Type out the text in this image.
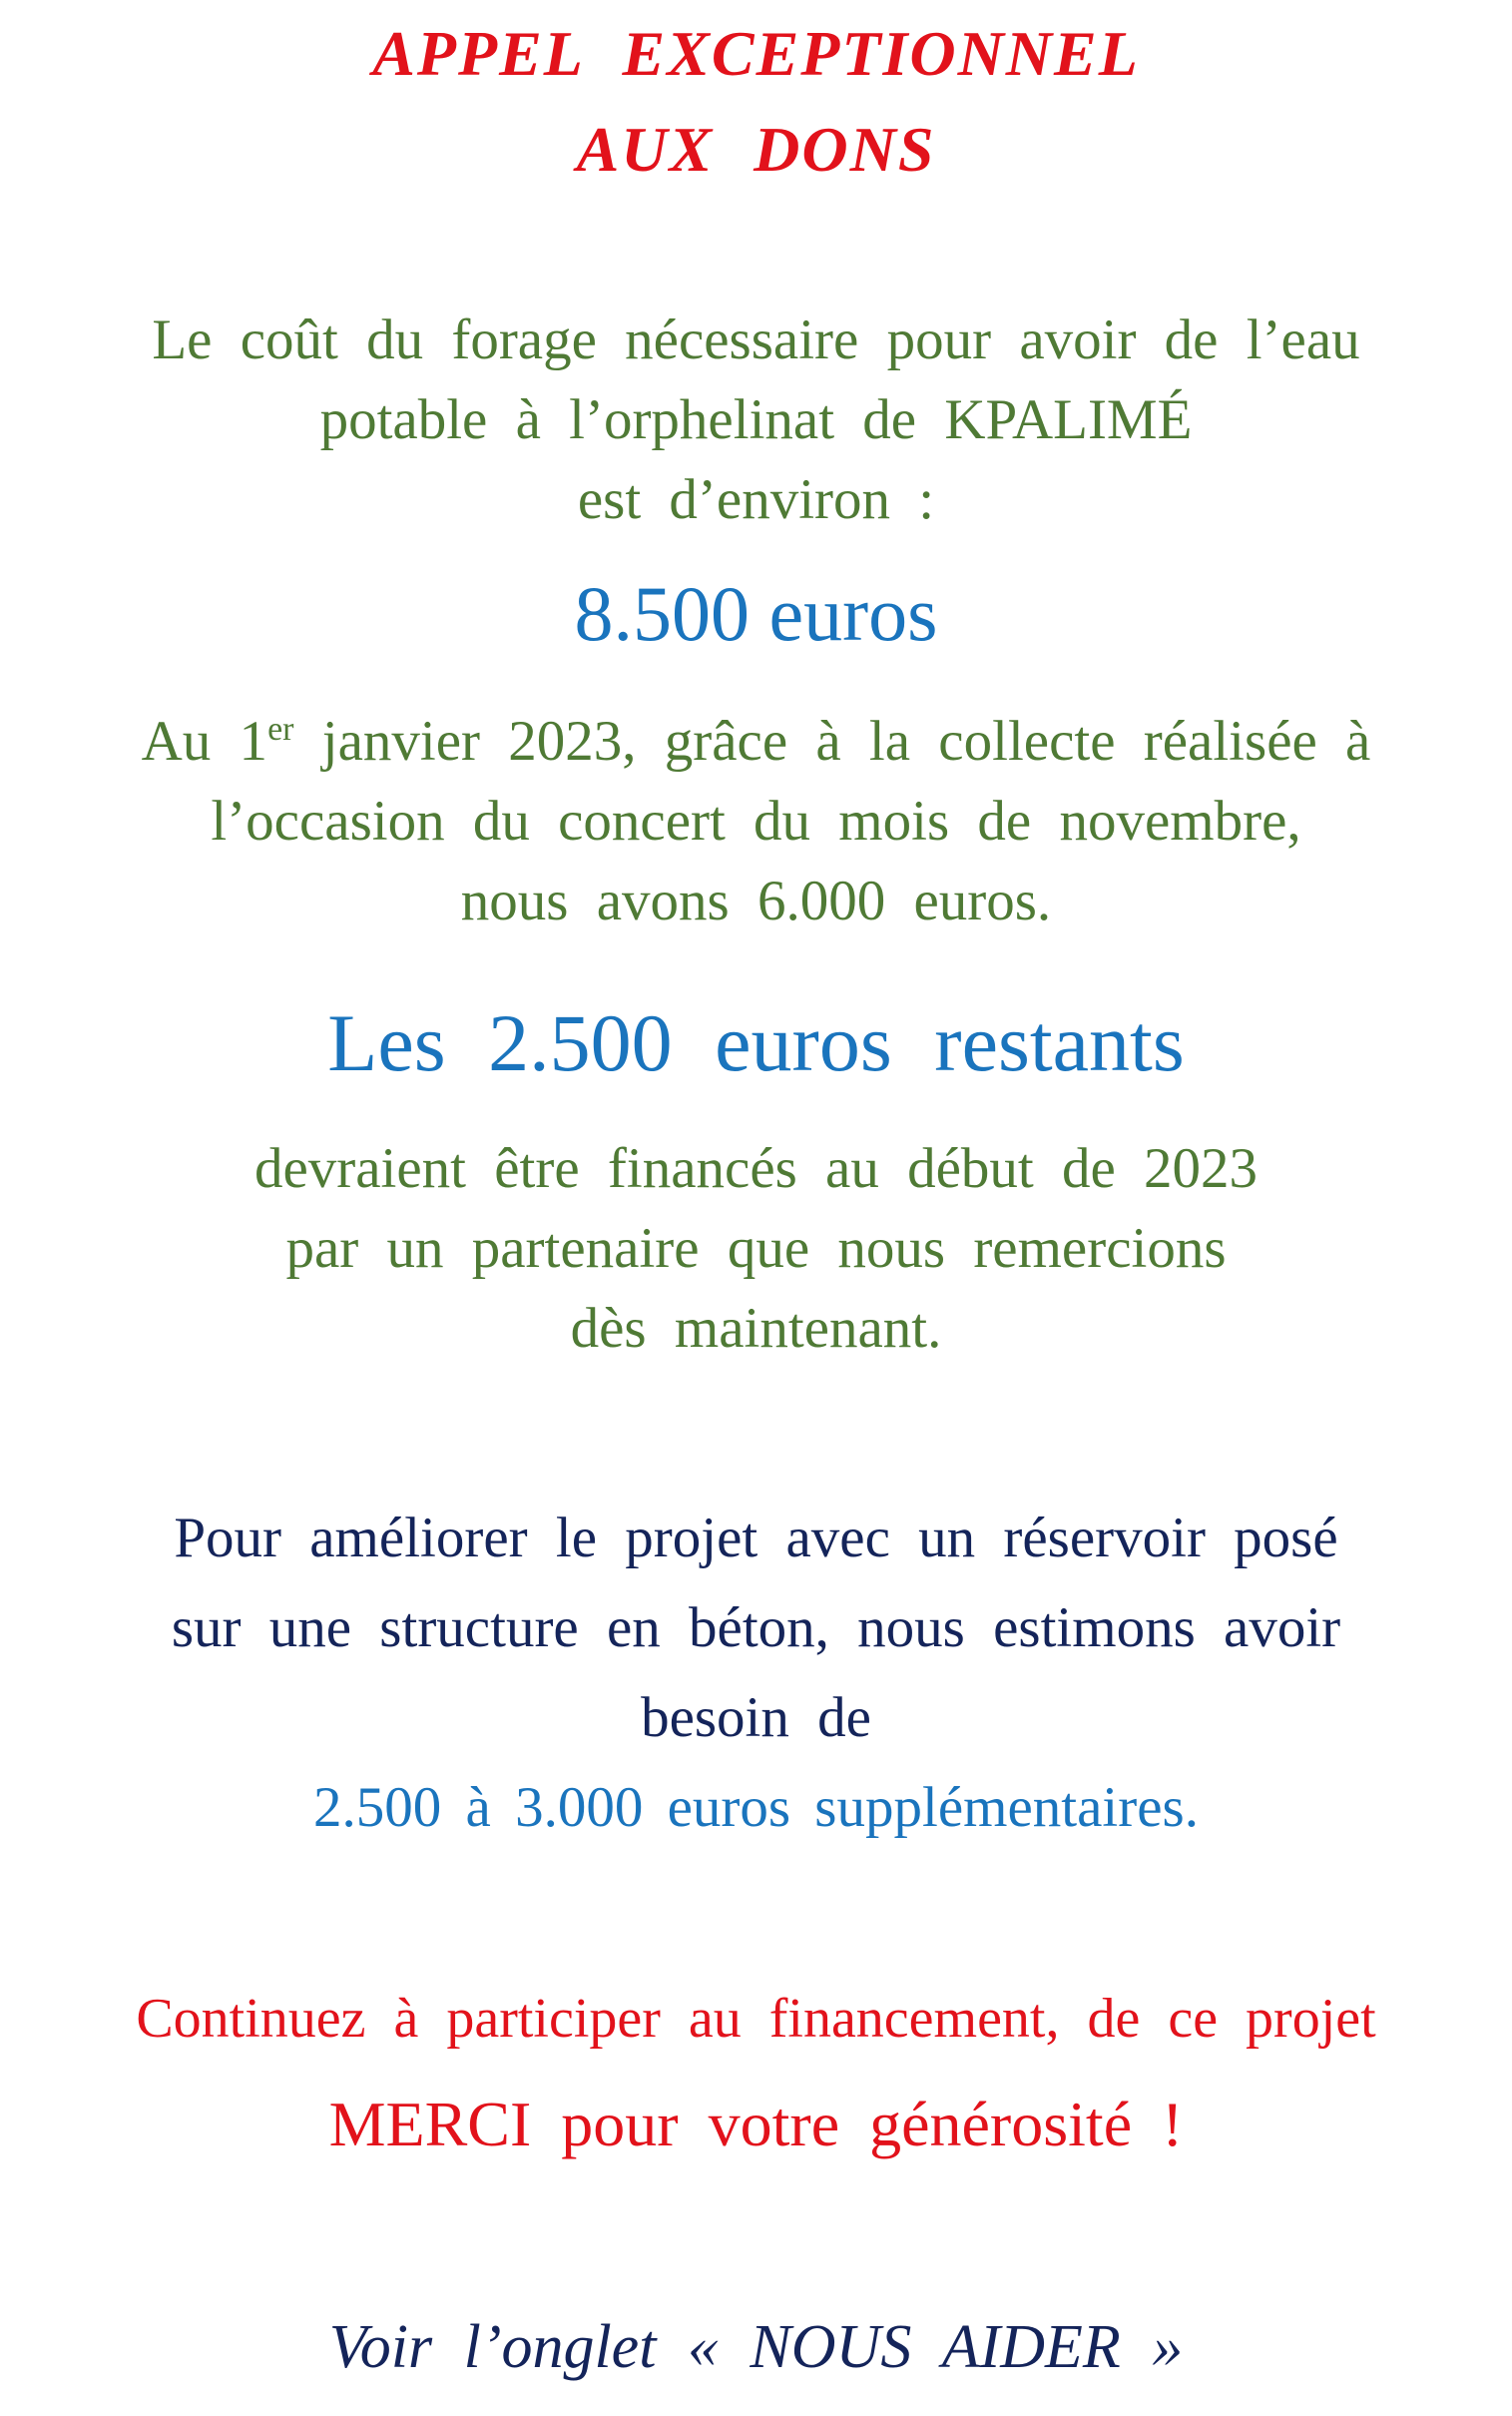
APPEL EXCEPTIONNEL
AUX DONS

Le coût du forage nécessaire pour avoir de l’eau

potable à l’orphelinat de KPALIMÉ

est d’environ :

8.500 euros

Au 1er janvier 2023, grâce à la collecte réalisée à

l’occasion du concert du mois de novembre,

nous avons 6.000 euros.

Les 2.500 euros restants

devraient être financés au début de 2023

par un partenaire que nous remercions

dès maintenant.

Pour améliorer le projet avec un réservoir posé

sur une structure en béton, nous estimons avoir

besoin de

2.500 à 3.000 euros supplémentaires.

Continuez à participer au financement, de ce projet

MERCI pour votre générosité !

Voir l’onglet « NOUS AIDER »
